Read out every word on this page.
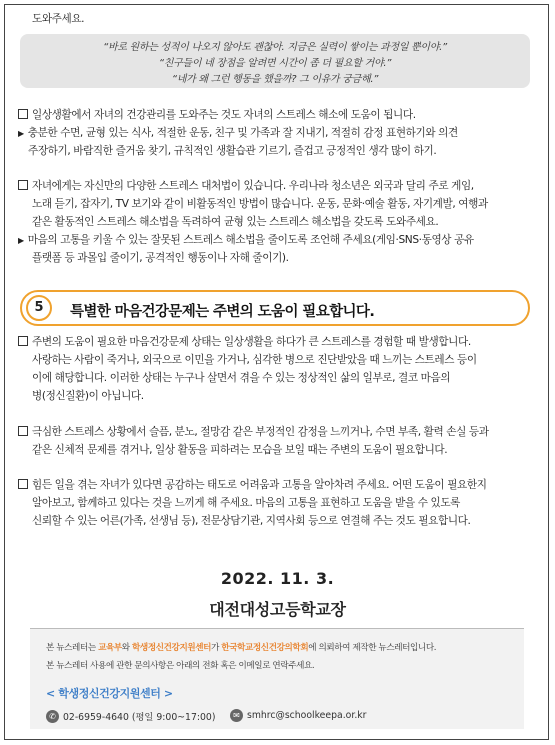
도와주세요.
“바로 원하는 성적이 나오지 않아도 괜찮아. 지금은 실력이 쌓이는 과정일 뿐이야.”
“친구들이 네 장점을 알려면 시간이 좀 더 필요할 거야.”
“네가 왜 그런 행동을 했을까? 그 이유가 궁금해.”
일상생활에서 자녀의 건강관리를 도와주는 것도 자녀의 스트레스 해소에 도움이 됩니다.
▶ 충분한 수면, 균형 있는 식사, 적절한 운동, 친구 및 가족과 잘 지내기, 적절히 감정 표현하기와 의견
주장하기, 바람직한 즐거움 찾기, 규칙적인 생활습관 기르기, 즐겁고 긍정적인 생각 많이 하기.
자녀에게는 자신만의 다양한 스트레스 대처법이 있습니다. 우리나라 청소년은 외국과 달리 주로 게임,
노래 듣기, 잡자기, TV 보기와 같이 비활동적인 방법이 많습니다. 운동, 문화·예술 활동, 자기계발, 여행과
같은 활동적인 스트레스 해소법을 독려하여 균형 있는 스트레스 해소법을 갖도록 도와주세요.
▶ 마음의 고통을 키울 수 있는 잘못된 스트레스 해소법을 줄이도록 조언해 주세요(게임·SNS·동영상 공유
플랫폼 등 과몰입 줄이기, 공격적인 행동이나 자해 줄이기).
5	특별한 마음건강문제는 주변의 도움이 필요합니다.
주변의 도움이 필요한 마음건강문제 상태는 일상생활을 하다가 큰 스트레스를 경험할 때 발생합니다.
사랑하는 사람이 죽거나, 외국으로 이민을 가거나, 심각한 병으로 진단받았을 때 느끼는 스트레스 등이
이에 해당합니다. 이러한 상태는 누구나 살면서 겪을 수 있는 정상적인 삶의 일부로, 결코 마음의
병(정신질환)이 아닙니다.
극심한 스트레스 상황에서 슬픔, 분노, 절망감 같은 부정적인 감정을 느끼거나, 수면 부족, 활력 손실 등과
같은 신체적 문제를 겪거나, 일상 활동을 피하려는 모습을 보일 때는 주변의 도움이 필요합니다.
힘든 일을 겪는 자녀가 있다면 공감하는 태도로 어려움과 고통을 알아차려 주세요. 어떤 도움이 필요한지
알아보고, 함께하고 있다는 것을 느끼게 해 주세요. 마음의 고통을 표현하고 도움을 받을 수 있도록
신뢰할 수 있는 어른(가족, 선생님 등), 전문상담기관, 지역사회 등으로 연결해 주는 것도 필요합니다.
2022. 11. 3.
대전대성고등학교장
본 뉴스레터는 교육부와 학생정신건강지원센터가 한국학교정신건강의학회에 의뢰하여 제작한 뉴스레터입니다.
본 뉴스레터 사용에 관한 문의사항은 아래의 전화 혹은 이메일로 연락주세요.
< 학생정신건강지원센터 >
✆ 02-6959-4640 (평일 9:00~17:00)	✉ smhrc@schoolkeepa.or.kr
